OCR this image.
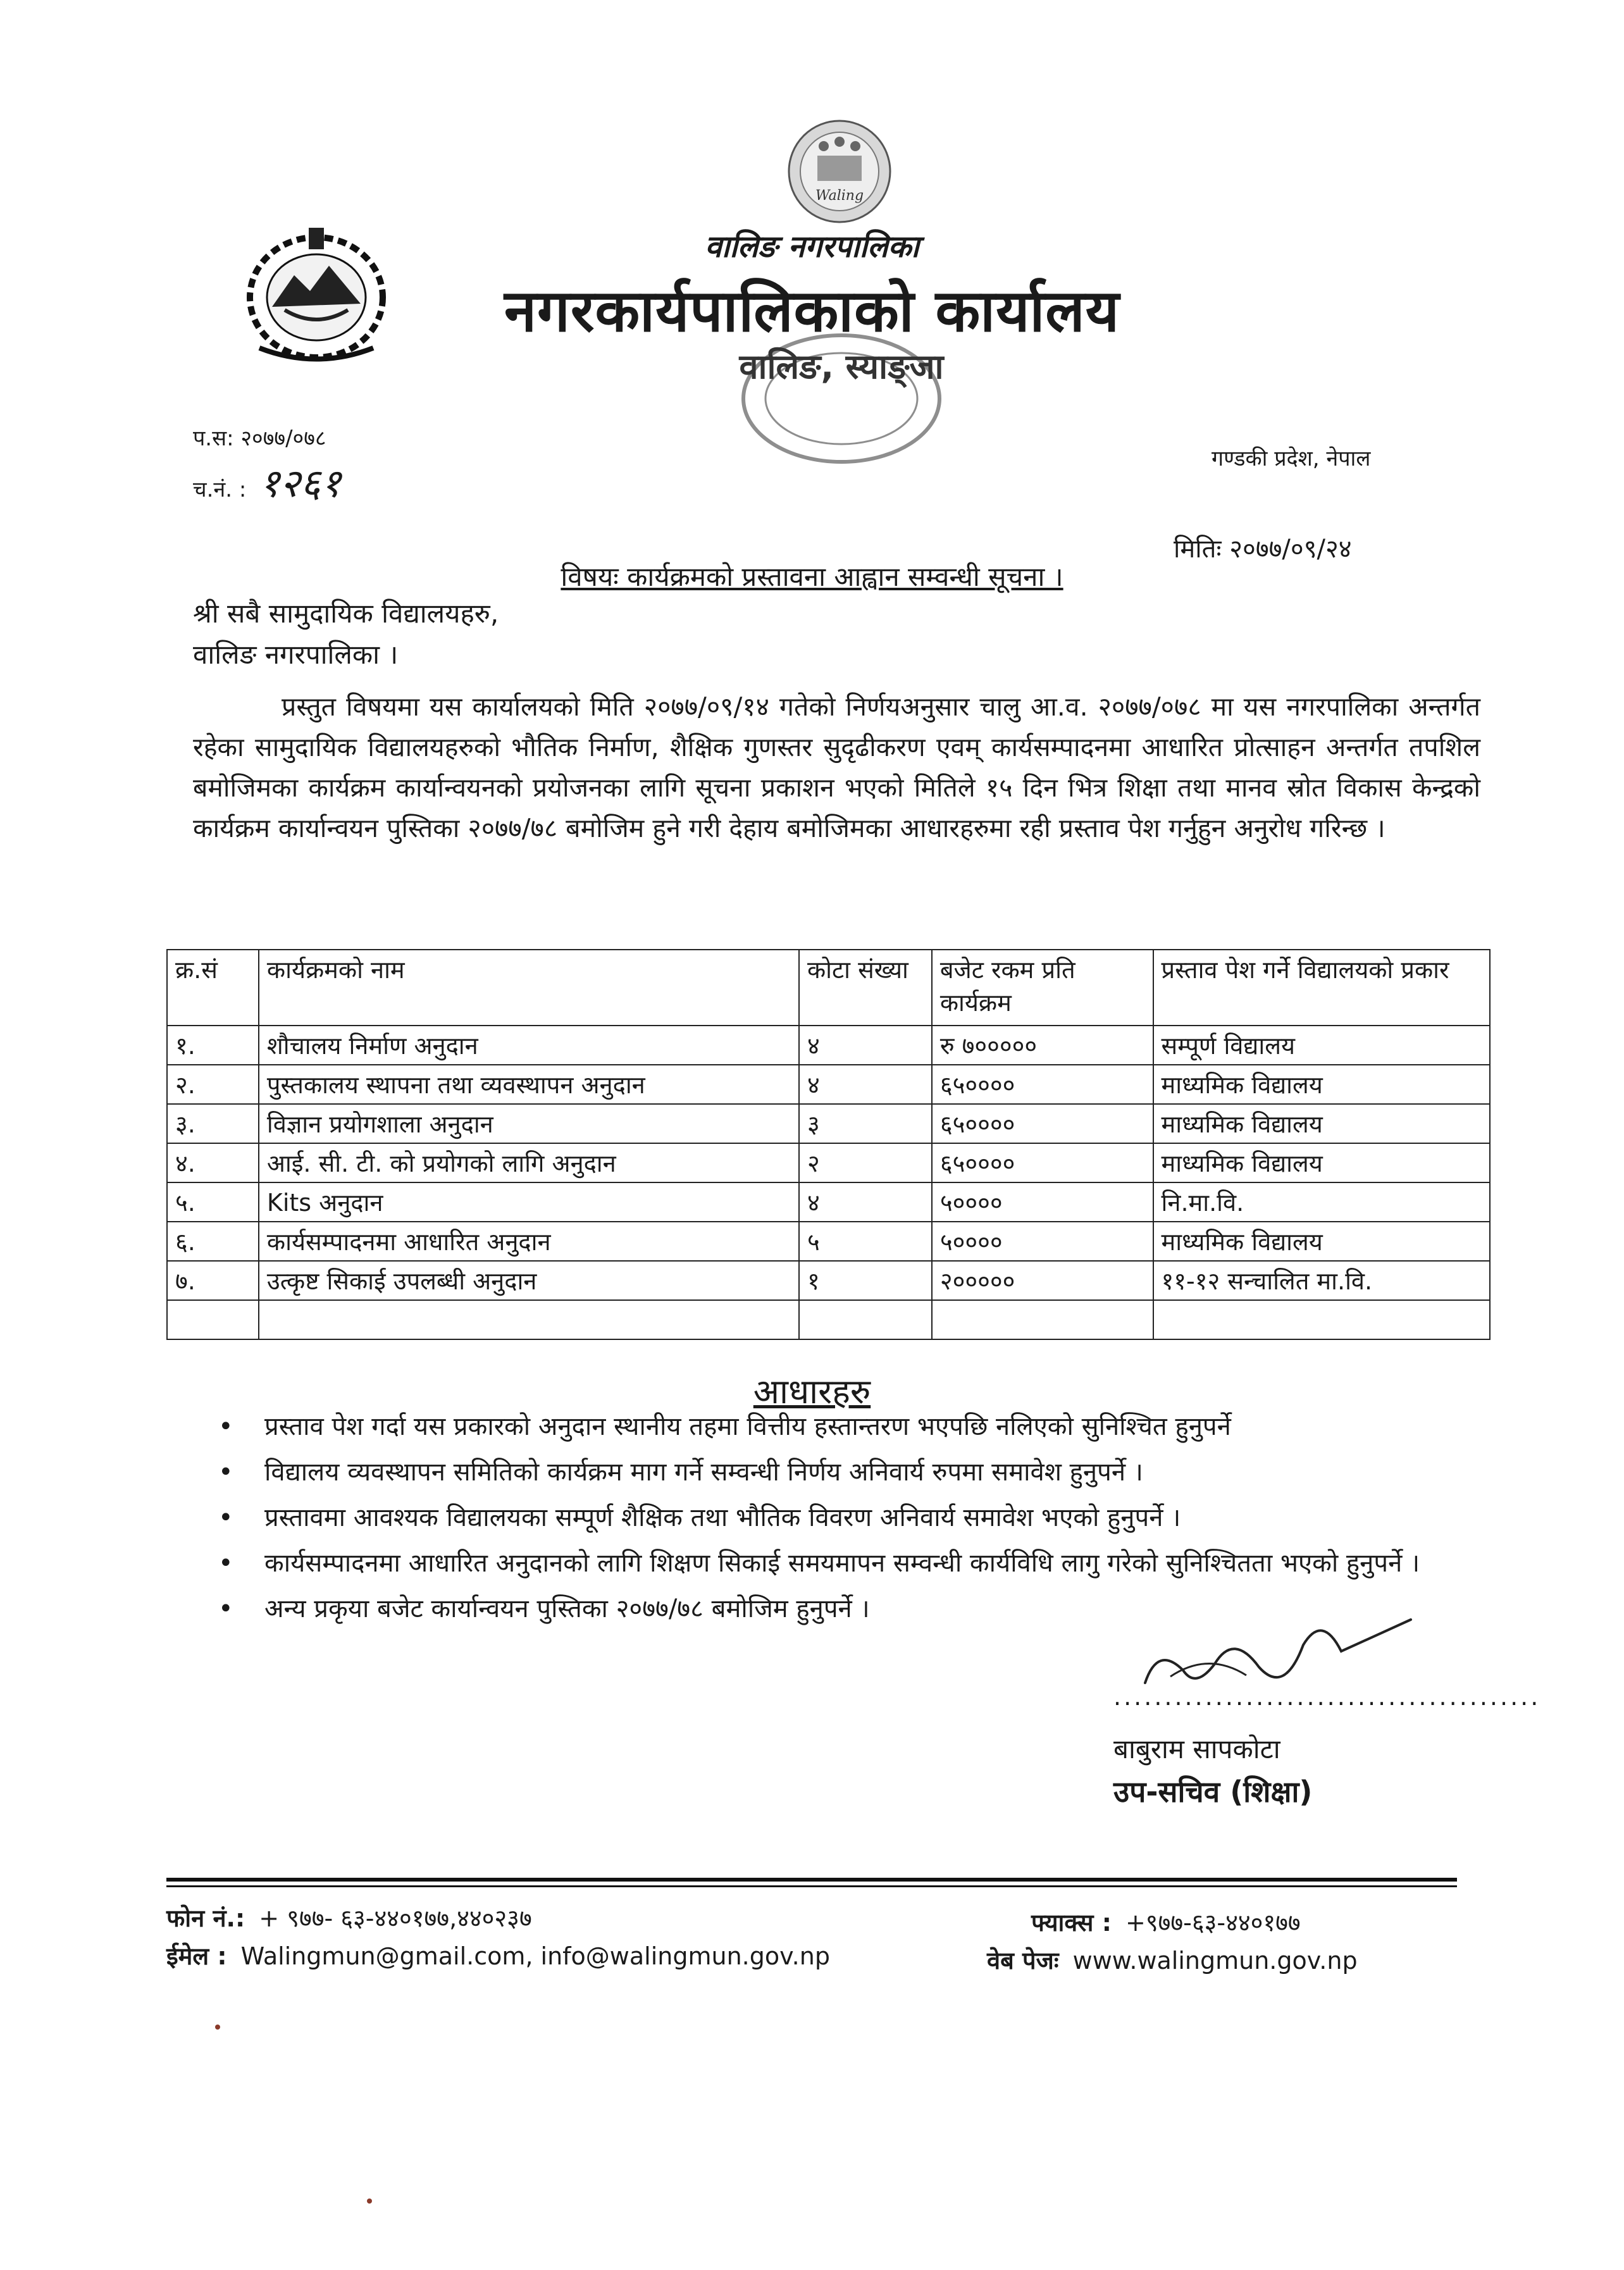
Waling
वालिङ नगरपालिका
नगरकार्यपालिकाको कार्यालय
वालिङ, स्याङ्जा
प.स: २०७७/०७८
च.नं. : १२६१
गण्डकी प्रदेश, नेपाल
मितिः २०७७/०९/२४
विषयः कार्यक्रमको प्रस्तावना आह्वान सम्वन्धी सूचना ।
श्री सबै सामुदायिक विद्यालयहरु,
वालिङ नगरपालिका ।
प्रस्तुत विषयमा यस कार्यालयको मिति २०७७/०९/१४ गतेको निर्णयअनुसार चालु आ.व. २०७७/०७८ मा यस नगरपालिका अन्तर्गत रहेका सामुदायिक विद्यालयहरुको भौतिक निर्माण, शैक्षिक गुणस्तर सुदृढीकरण एवम् कार्यसम्पादनमा आधारित प्रोत्साहन अन्तर्गत तपशिल बमोजिमका कार्यक्रम कार्यान्वयनको प्रयोजनका लागि सूचना प्रकाशन भएको मितिले १५ दिन भित्र शिक्षा तथा मानव स्रोत विकास केन्द्रको कार्यक्रम कार्यान्वयन पुस्तिका २०७७/७८ बमोजिम हुने गरी देहाय बमोजिमका आधारहरुमा रही प्रस्ताव पेश गर्नुहुन अनुरोध गरिन्छ ।
क्र.सं	कार्यक्रमको नाम	कोटा संख्या	बजेट रकम प्रति कार्यक्रम	प्रस्ताव पेश गर्ने विद्यालयको प्रकार
१.	शौचालय निर्माण अनुदान	४	रु ७०००००	सम्पूर्ण विद्यालय
२.	पुस्तकालय स्थापना तथा व्यवस्थापन अनुदान	४	६५००००	माध्यमिक विद्यालय
३.	विज्ञान प्रयोगशाला अनुदान	३	६५००००	माध्यमिक विद्यालय
४.	आई. सी. टी. को प्रयोगको लागि अनुदान	२	६५००००	माध्यमिक विद्यालय
५.	Kits अनुदान	४	५००००	नि.मा.वि.
६.	कार्यसम्पादनमा आधारित अनुदान	५	५००००	माध्यमिक विद्यालय
७.	उत्कृष्ट सिकाई उपलब्धी अनुदान	१	२०००००	११-१२ सन्चालित मा.वि.

आधारहरु
• प्रस्ताव पेश गर्दा यस प्रकारको अनुदान स्थानीय तहमा वित्तीय हस्तान्तरण भएपछि नलिएको सुनिश्चित हुनुपर्ने
• विद्यालय व्यवस्थापन समितिको कार्यक्रम माग गर्ने सम्वन्धी निर्णय अनिवार्य रुपमा समावेश हुनुपर्ने ।
• प्रस्तावमा आवश्यक विद्यालयका सम्पूर्ण शैक्षिक तथा भौतिक विवरण अनिवार्य समावेश भएको हुनुपर्ने ।
• कार्यसम्पादनमा आधारित अनुदानको लागि शिक्षण सिकाई समयमापन सम्वन्धी कार्यविधि लागु गरेको सुनिश्चितता भएको हुनुपर्ने ।
• अन्य प्रकृया बजेट कार्यान्वयन पुस्तिका २०७७/७८ बमोजिम हुनुपर्ने ।
..........................................
बाबुराम सापकोटा
उप-सचिव (शिक्षा)
फोन नं.: + ९७७- ६३-४४०१७७,४४०२३७	फ्याक्स : +९७७-६३-४४०१७७
ईमेल : Walingmun@gmail.com, info@walingmun.gov.np	वेब पेजः www.walingmun.gov.np
